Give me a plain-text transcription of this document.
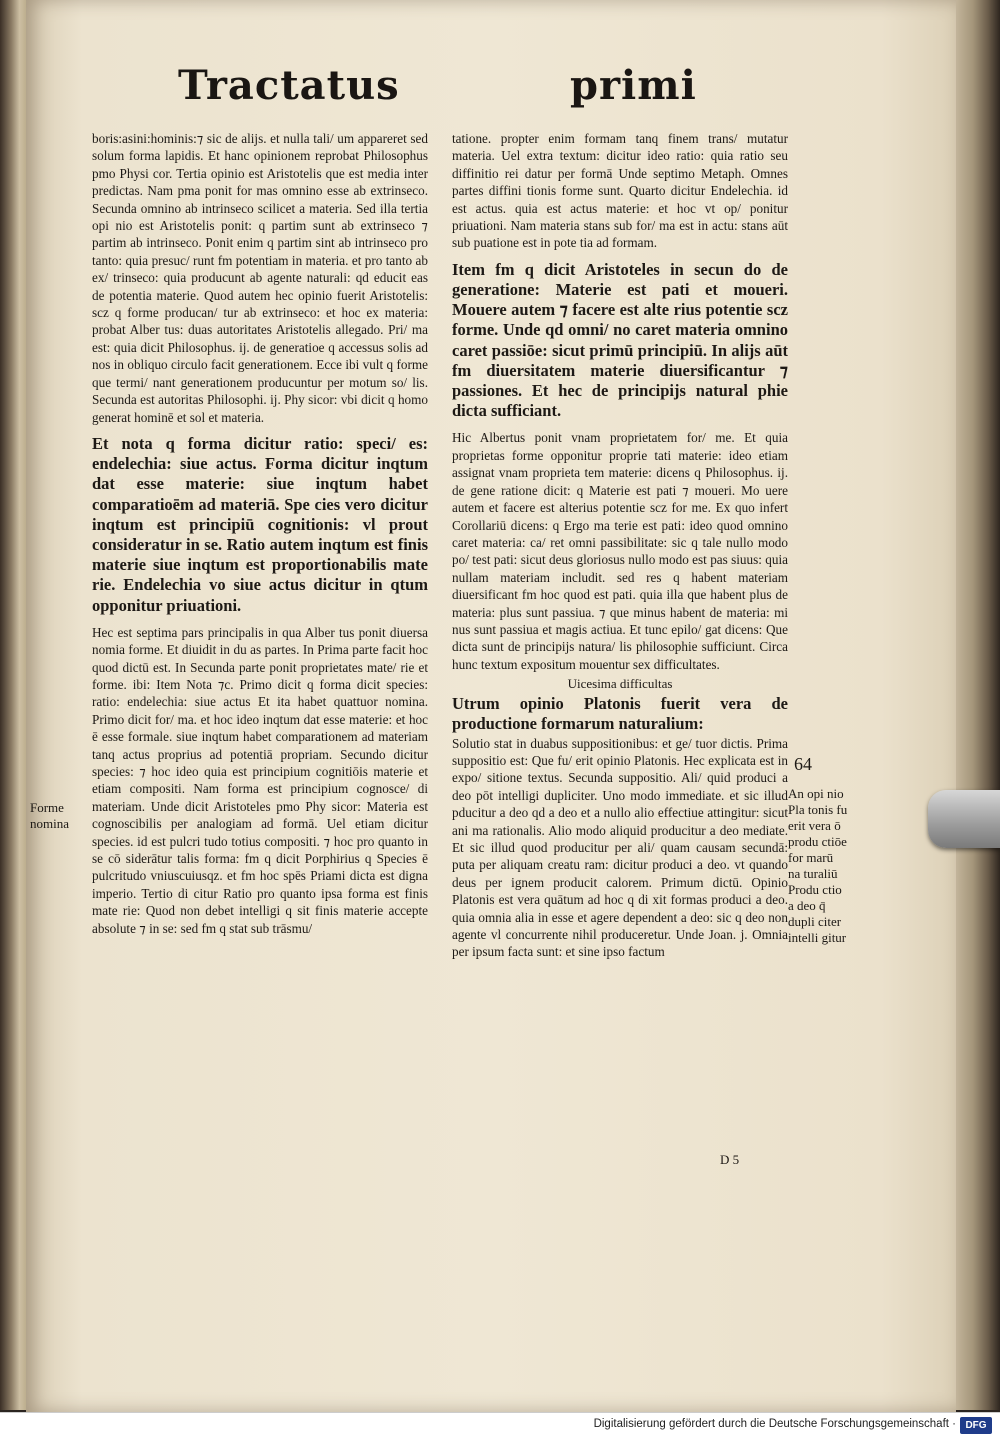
Tractatus	primi

boris:asini:hominis:⁊ sic de alijs. et nulla tali/ um appareret sed solum forma lapidis. Et hanc opinionem reprobat Philosophus pmo Physi cor. Tertia opinio est Aristotelis que est media inter predictas. Nam pma ponit for mas omnino esse ab extrinseco. Secunda omnino ab intrinseco scilicet a materia. Sed illa tertia opi nio est Aristotelis ponit: q partim sunt ab extrinseco ⁊ partim ab intrinseco. Ponit enim q partim sint ab intrinseco pro tanto: quia presuc/ runt fm potentiam in materia. et pro tanto ab ex/ trinseco: quia producunt ab agente naturali: qd educit eas de potentia materie. Quod autem hec opinio fuerit Aristotelis: scz q forme producan/ tur ab extrinseco: et hoc ex materia: probat Alber tus: duas autoritates Aristotelis allegado. Pri/ ma est: quia dicit Philosophus. ij. de generatioe q accessus solis ad nos in obliquo circulo facit generationem. Ecce ibi vult q forme que termi/ nant generationem producuntur per motum so/ lis. Secunda est autoritas Philosophi. ij. Phy sicor: vbi dicit q homo generat hominē et sol et materia.

Et nota q forma dicitur ratio: speci/ es: endelechia: siue actus. Forma dicitur inqtum dat esse materie: siue inqtum habet comparatioēm ad materiā. Spe cies vero dicitur inqtum est principiū cognitionis: vl prout consideratur in se. Ratio autem inqtum est finis materie siue inqtum est proportionabilis mate rie. Endelechia vo siue actus dicitur in qtum opponitur priuationi.

Hec est septima pars principalis in qua Alber tus ponit diuersa nomia forme. Et diuidit in du as partes. In Prima parte facit hoc quod dictū est. In Secunda parte ponit proprietates mate/ rie et forme. ibi: Item Nota ⁊c. Primo dicit q forma dicit species: ratio: endelechia: siue actus Et ita habet quattuor nomina. Primo dicit for/ ma. et hoc ideo inqtum dat esse materie: et hoc ē esse formale. siue inqtum habet comparationem ad materiam tanq actus proprius ad potentiā propriam. Secundo dicitur species: ⁊ hoc ideo quia est principium cognitiōis materie et etiam compositi. Nam forma est principium cognosce/ di materiam. Unde dicit Aristoteles pmo Phy sicor: Materia est cognoscibilis per analogiam ad formā. Uel etiam dicitur species. id est pulcri tudo totius compositi. ⁊ hoc pro quanto in se cō siderātur talis forma: fm q dicit Porphirius q Species ē pulcritudo vniuscuiusqz. et fm hoc spēs Priami dicta est digna imperio. Tertio di citur Ratio pro quanto ipsa forma est finis mate rie: Quod non debet intelligi q sit finis materie accepte absolute ⁊ in se: sed fm q stat sub trāsmu/

tatione. propter enim formam tanq finem trans/ mutatur materia. Uel extra textum: dicitur ideo ratio: quia ratio seu diffinitio rei datur per formā Unde septimo Metaph. Omnes partes diffini tionis forme sunt. Quarto dicitur Endelechia. id est actus. quia est actus materie: et hoc vt op/ ponitur priuationi. Nam materia stans sub for/ ma est in actu: stans aūt sub puatione est in pote tia ad formam.

Item fm q dicit Aristoteles in secun do de generatione: Materie est pati et moueri. Mouere autem ⁊ facere est alte rius potentie scz forme. Unde qd omni/ no caret materia omnino caret passiōe: sicut primū principiū. In alijs aūt fm diuersitatem materie diuersificantur ⁊ passiones. Et hec de principijs natural phie dicta sufficiant.

Hic Albertus ponit vnam proprietatem for/ me. Et quia proprietas forme opponitur proprie tati materie: ideo etiam assignat vnam proprieta tem materie: dicens q Philosophus. ij. de gene ratione dicit: q Materie est pati ⁊ moueri. Mo uere autem et facere est alterius potentie scz for me. Ex quo infert Corollariū dicens: q Ergo ma terie est pati: ideo quod omnino caret materia: ca/ ret omni passibilitate: sic q tale nullo modo po/ test pati: sicut deus gloriosus nullo modo est pas siuus: quia nullam materiam includit. sed res q habent materiam diuersificant fm hoc quod est pati. quia illa que habent plus de materia: plus sunt passiua. ⁊ que minus habent de materia: mi nus sunt passiua et magis actiua. Et tunc epilo/ gat dicens: Que dicta sunt de principijs natura/ lis philosophie sufficiunt. Circa hunc textum expositum mouentur sex difficultates.

Uicesima difficultas

Utrum opinio Platonis fuerit vera de productione formarum naturalium:

Solutio stat in duabus suppositionibus: et ge/ tuor dictis. Prima suppositio est: Que fu/ erit opinio Platonis. Hec explicata est in expo/ sitione textus. Secunda suppositio. Ali/ quid produci a deo pōt intelligi dupliciter. Uno modo immediate. et sic illud pducitur a deo qd a deo et a nullo alio effectiue attingitur: sicut ani ma rationalis. Alio modo aliquid producitur a deo mediate. Et sic illud quod producitur per ali/ quam causam secundā: puta per aliquam creatu ram: dicitur produci a deo. vt quando deus per ignem producit calorem. Primum dictū. Opinio Platonis est vera quātum ad hoc q di xit formas produci a deo. quia omnia alia in esse et agere dependent a deo: sic q deo non agente vl concurrente nihil produceretur. Unde Joan. j. Omnia per ipsum facta sunt: et sine ipso factum

Forme nomina
64
An opi nio Pla tonis fu erit vera ō produ ctiōe for marū na turaliū Produ ctio a deo q̄ dupli citer intelli gitur
D 5
Digitalisierung gefördert durch die Deutsche Forschungsgemeinschaft · DFG
